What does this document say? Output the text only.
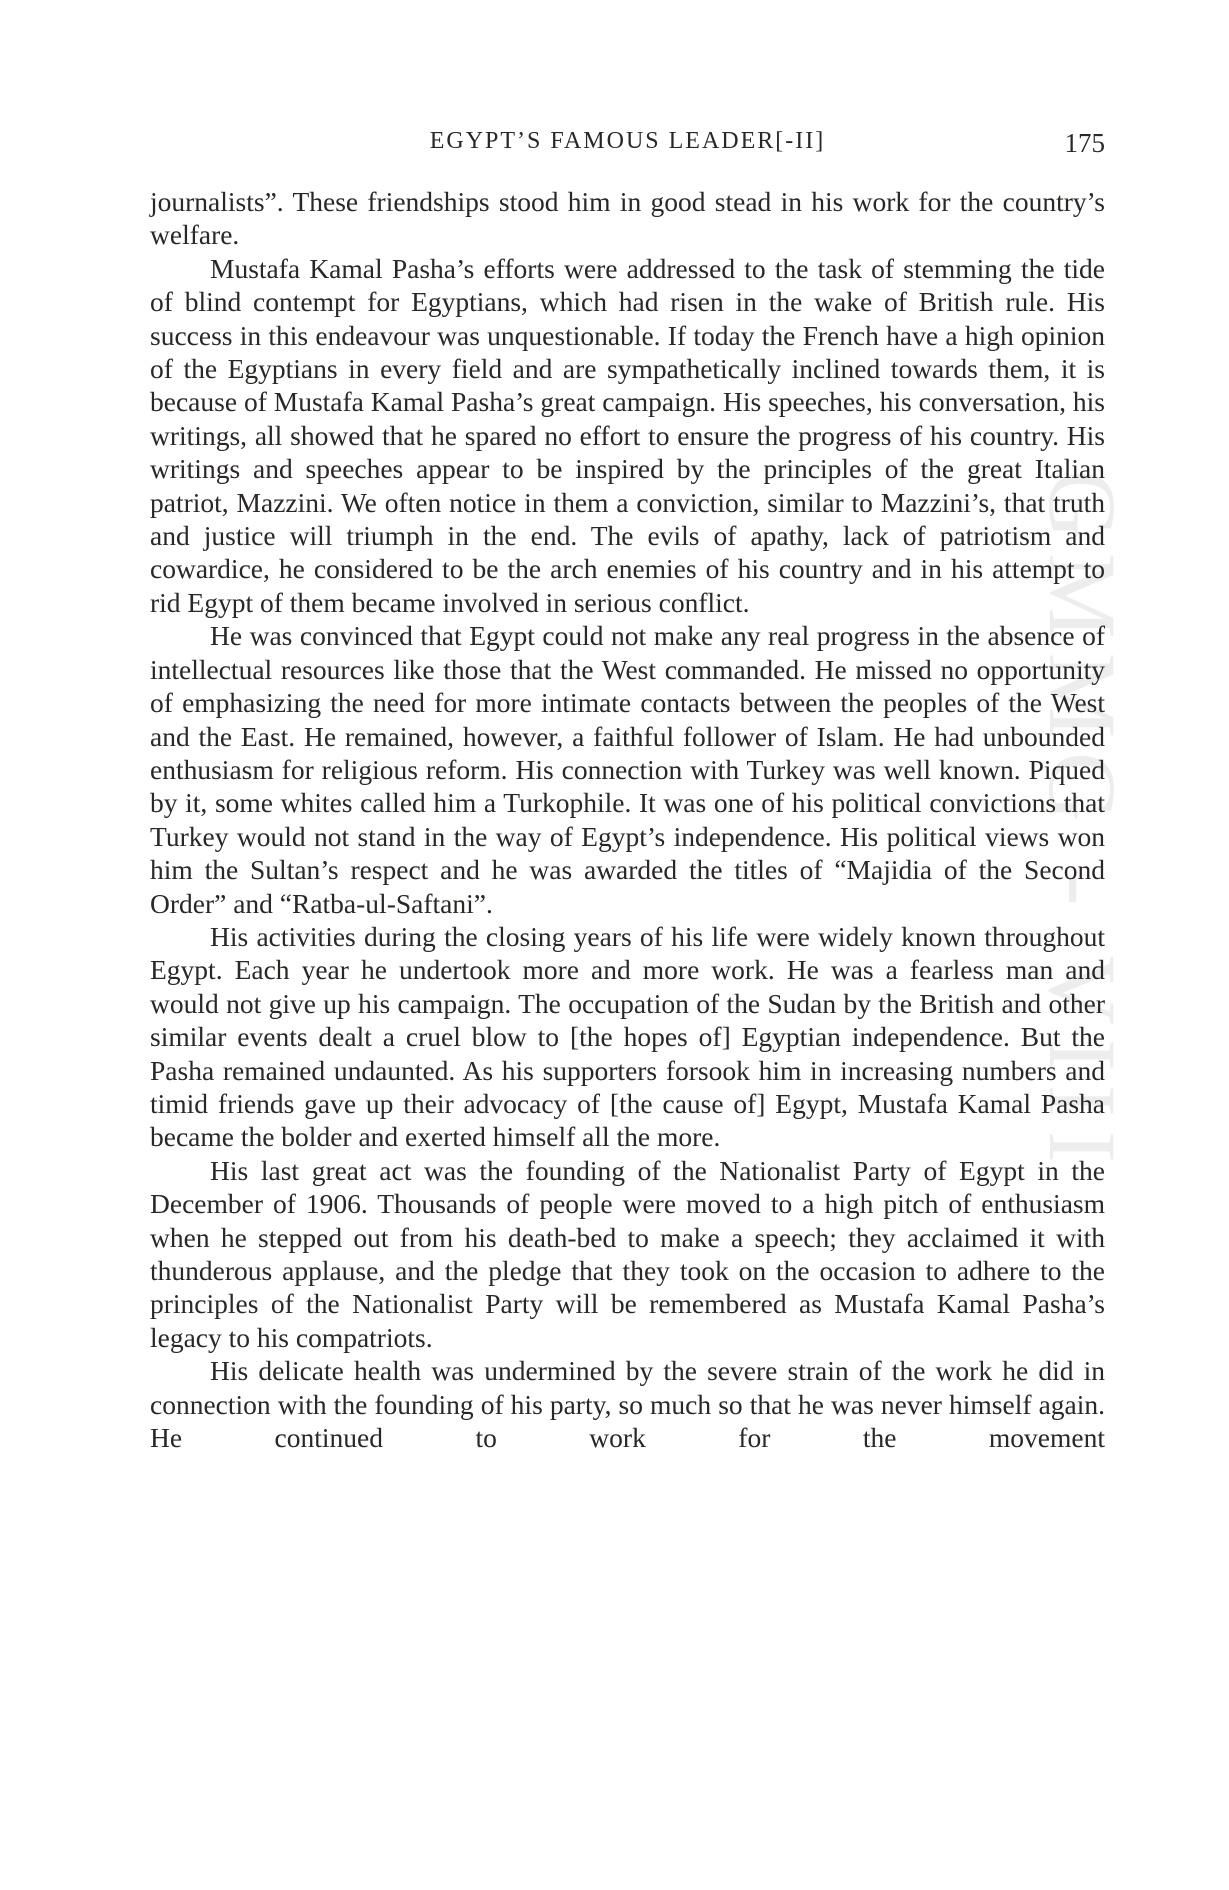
GMMG - VIII
EGYPT’S FAMOUS LEADER[-II]	175

journalists”. These friendships stood him in good stead in his work for the country’s welfare.

Mustafa Kamal Pasha’s efforts were addressed to the task of stemming the tide of blind contempt for Egyptians, which had risen in the wake of British rule. His success in this endeavour was unquestionable. If today the French have a high opinion of the Egyptians in every field and are sympathetically inclined towards them, it is because of Mustafa Kamal Pasha’s great campaign. His speeches, his conversation, his writings, all showed that he spared no effort to ensure the progress of his country. His writings and speeches appear to be inspired by the principles of the great Italian patriot, Mazzini. We often notice in them a conviction, similar to Mazzini’s, that truth and justice will triumph in the end. The evils of apathy, lack of patriotism and cowardice, he considered to be the arch enemies of his country and in his attempt to rid Egypt of them became involved in serious conflict.

He was convinced that Egypt could not make any real progress in the absence of intellectual resources like those that the West commanded. He missed no opportunity of emphasizing the need for more intimate contacts between the peoples of the West and the East. He remained, however, a faithful follower of Islam. He had unbounded enthusiasm for religious reform. His connection with Turkey was well known. Piqued by it, some whites called him a Turkophile. It was one of his political convictions that Turkey would not stand in the way of Egypt’s independence. His political views won him the Sultan’s respect and he was awarded the titles of “Majidia of the Second Order” and “Ratba-ul-Saftani”.

His activities during the closing years of his life were widely known throughout Egypt. Each year he undertook more and more work. He was a fearless man and would not give up his campaign. The occupation of the Sudan by the British and other similar events dealt a cruel blow to [the hopes of] Egyptian independence. But the Pasha remained undaunted. As his supporters forsook him in increasing numbers and timid friends gave up their advocacy of [the cause of] Egypt, Mustafa Kamal Pasha became the bolder and exerted himself all the more.

His last great act was the founding of the Nationalist Party of Egypt in the December of 1906. Thousands of people were moved to a high pitch of enthusiasm when he stepped out from his death-bed to make a speech; they acclaimed it with thunderous applause, and the pledge that they took on the occasion to adhere to the principles of the Nationalist Party will be remembered as Mustafa Kamal Pasha’s legacy to his compatriots.

His delicate health was undermined by the severe strain of the work he did in connection with the founding of his party, so much so that he was never himself again. He continued to work for the movement
